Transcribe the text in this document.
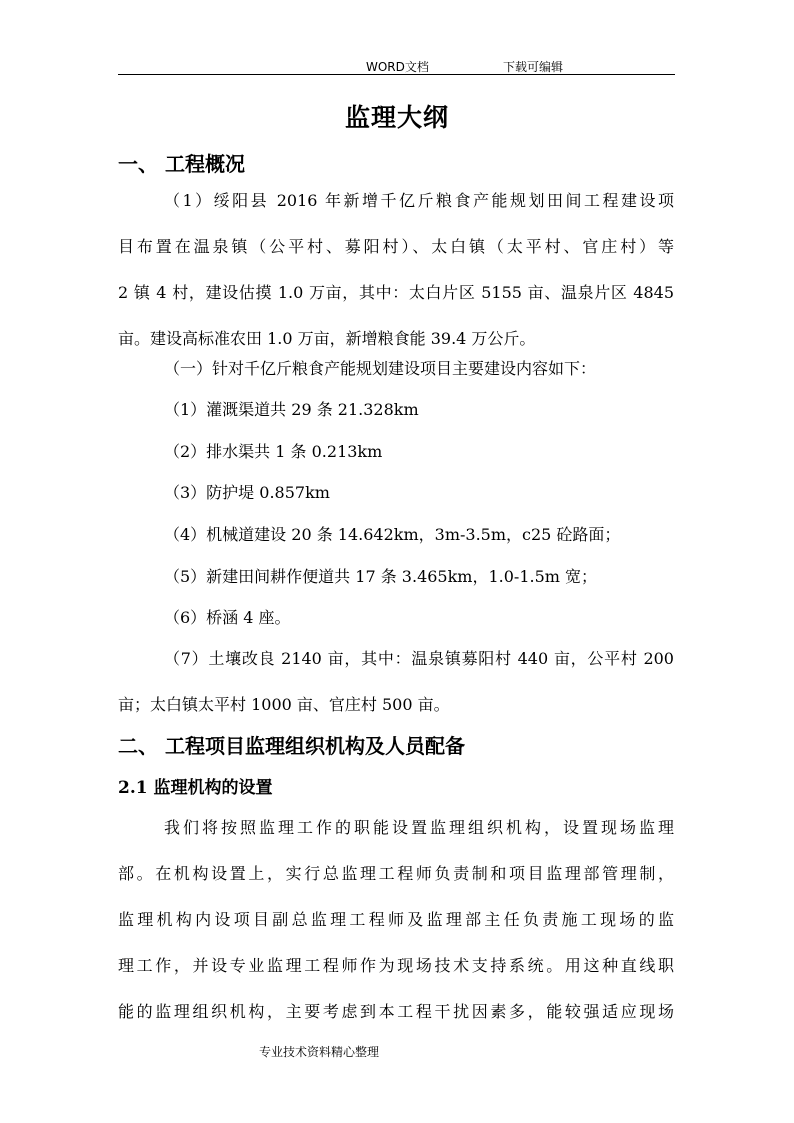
WORD文档	下载可编辑
监理大纲
一、 工程概况
（1）绥阳县 2016 年新增千亿斤粮食产能规划田间工程建设项
目布置在温泉镇（公平村、募阳村）、太白镇（太平村、官庄村）等
2 镇 4 村，建设估摸 1.0 万亩，其中：太白片区 5155 亩、温泉片区 4845
亩。建设高标准农田 1.0 万亩，新增粮食能 39.4 万公斤。
（一）针对千亿斤粮食产能规划建设项目主要建设内容如下：
（1）灌溉渠道共 29 条 21.328km
（2）排水渠共 1 条 0.213km
（3）防护堤 0.857km
（4）机械道建设 20 条 14.642km，3m-3.5m，c25 砼路面；
（5）新建田间耕作便道共 17 条 3.465km，1.0-1.5m 宽；
（6）桥涵 4 座。
（7）土壤改良 2140 亩，其中：温泉镇募阳村 440 亩，公平村 200
亩；太白镇太平村 1000 亩、官庄村 500 亩。
二、 工程项目监理组织机构及人员配备
2.1 监理机构的设置
我们将按照监理工作的职能设置监理组织机构，设置现场监理
部。在机构设置上，实行总监理工程师负责制和项目监理部管理制，
监理机构内设项目副总监理工程师及监理部主任负责施工现场的监
理工作，并设专业监理工程师作为现场技术支持系统。用这种直线职
能的监理组织机构，主要考虑到本工程干扰因素多，能较强适应现场
专业技术资料精心整理
